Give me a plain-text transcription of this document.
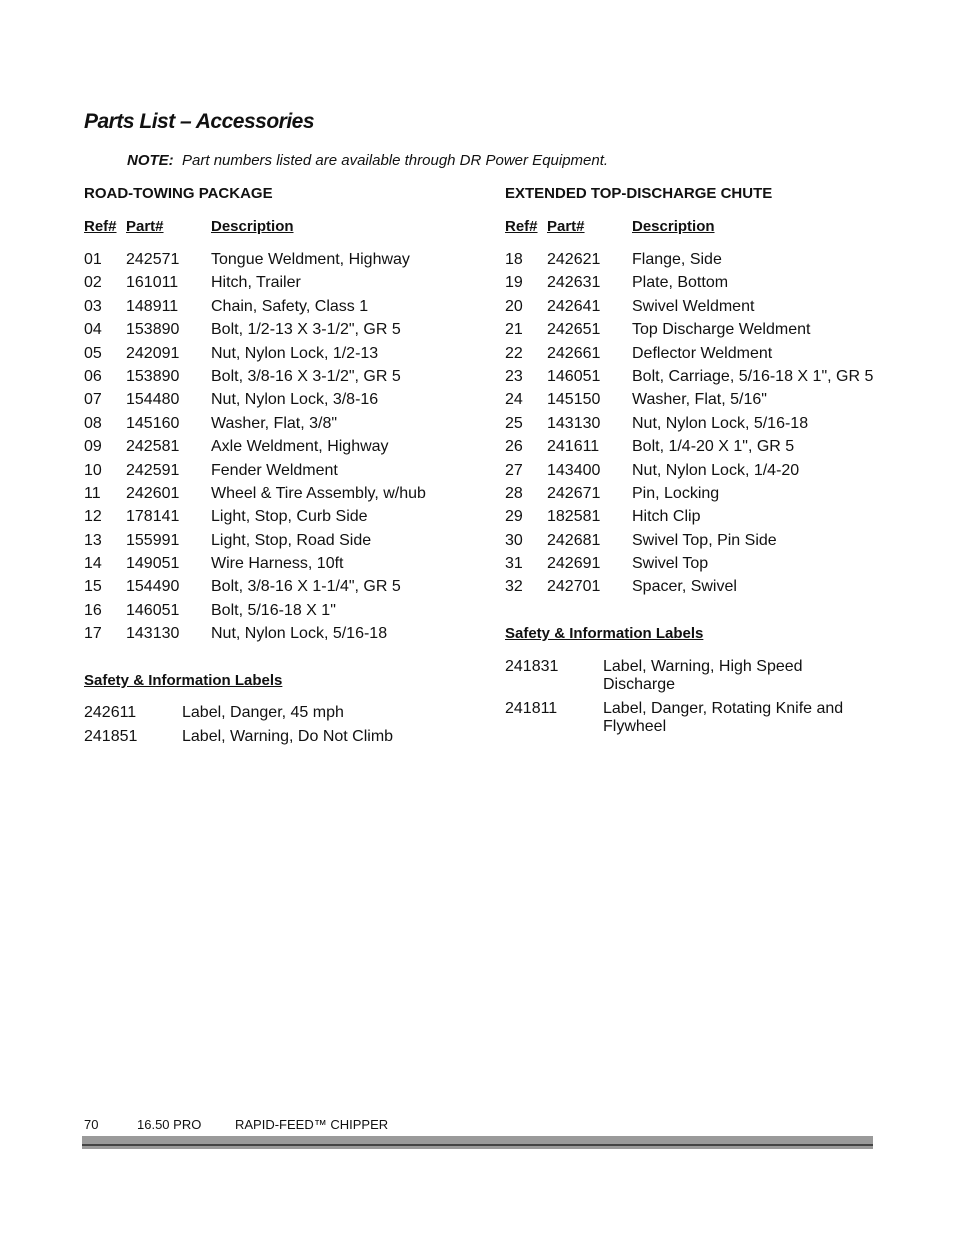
Parts List – Accessories
NOTE: Part numbers listed are available through DR Power Equipment.
ROAD-TOWING PACKAGE
Ref# Part#	Description
01 242571 Tongue Weldment, Highway
02 161011 Hitch, Trailer
03 148911 Chain, Safety, Class 1
04 153890 Bolt, 1/2-13 X 3-1/2", GR 5
05 242091 Nut, Nylon Lock, 1/2-13
06 153890 Bolt, 3/8-16 X 3-1/2", GR 5
07 154480 Nut, Nylon Lock, 3/8-16
08 145160 Washer, Flat, 3/8"
09 242581 Axle Weldment, Highway
10 242591 Fender Weldment
11 242601 Wheel & Tire Assembly, w/hub
12 178141 Light, Stop, Curb Side
13 155991 Light, Stop, Road Side
14 149051 Wire Harness, 10ft
15 154490 Bolt, 3/8-16 X 1-1/4", GR 5
16 146051 Bolt, 5/16-18 X 1"
17 143130 Nut, Nylon Lock, 5/16-18
Safety & Information Labels
242611	Label, Danger, 45 mph
241851	Label, Warning, Do Not Climb
EXTENDED TOP-DISCHARGE CHUTE
Ref# Part#	Description
18 242621 Flange, Side
19 242631 Plate, Bottom
20 242641 Swivel Weldment
21 242651 Top Discharge Weldment
22 242661 Deflector Weldment
23 146051 Bolt, Carriage, 5/16-18 X 1", GR 5
24 145150 Washer, Flat, 5/16"
25 143130 Nut, Nylon Lock, 5/16-18
26 241611 Bolt, 1/4-20 X 1", GR 5
27 143400 Nut, Nylon Lock, 1/4-20
28 242671 Pin, Locking
29 182581 Hitch Clip
30 242681 Swivel Top, Pin Side
31 242691 Swivel Top
32 242701 Spacer, Swivel
Safety & Information Labels
241831	Label, Warning, High Speed Discharge
241811	Label, Danger, Rotating Knife and Flywheel
70	16.50 PRO	RAPID-FEED™ CHIPPER
